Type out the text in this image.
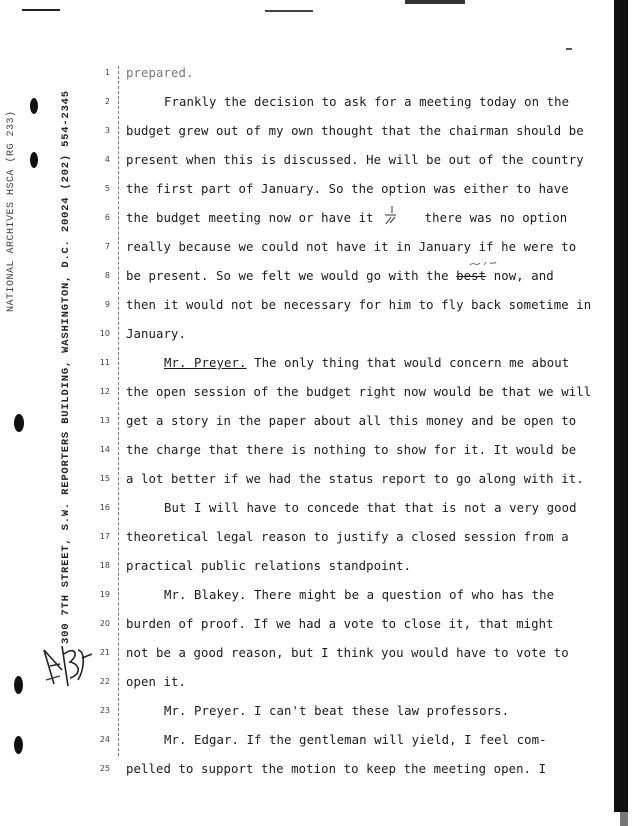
NATIONAL ARCHIVES HSCA (RG 233)	300 7TH STREET, S.W. REPORTERS BUILDING, WASHINGTON, D.C. 20024 (202) 554-2345
1
2
3
4
5
6
7
8
9
10
11
12
13
14
15
16
17
18
19
20
21
22
23
24
25
prepared.
Frankly the decision to ask for a meeting today on the
budget grew out of my own thought that the chairman should be
present when this is discussed. He will be out of the country
the first part of January. So the option was either to have
the budget meeting now or have it	there was no option
really because we could not have it in January if he were to
be present. So we felt we would go with the best now, and
then it would not be necessary for him to fly back sometime in
January.
Mr. Preyer. The only thing that would concern me about
the open session of the budget right now would be that we will
get a story in the paper about all this money and be open to
the charge that there is nothing to show for it. It would be
a lot better if we had the status report to go along with it.
But I will have to concede that that is not a very good
theoretical legal reason to justify a closed session from a
practical public relations standpoint.
Mr. Blakey. There might be a question of who has the
burden of proof. If we had a vote to close it, that might
not be a good reason, but I think you would have to vote to
open it.
Mr. Preyer. I can't beat these law professors.
Mr. Edgar. If the gentleman will yield, I feel com-
pelled to support the motion to keep the meeting open. I
